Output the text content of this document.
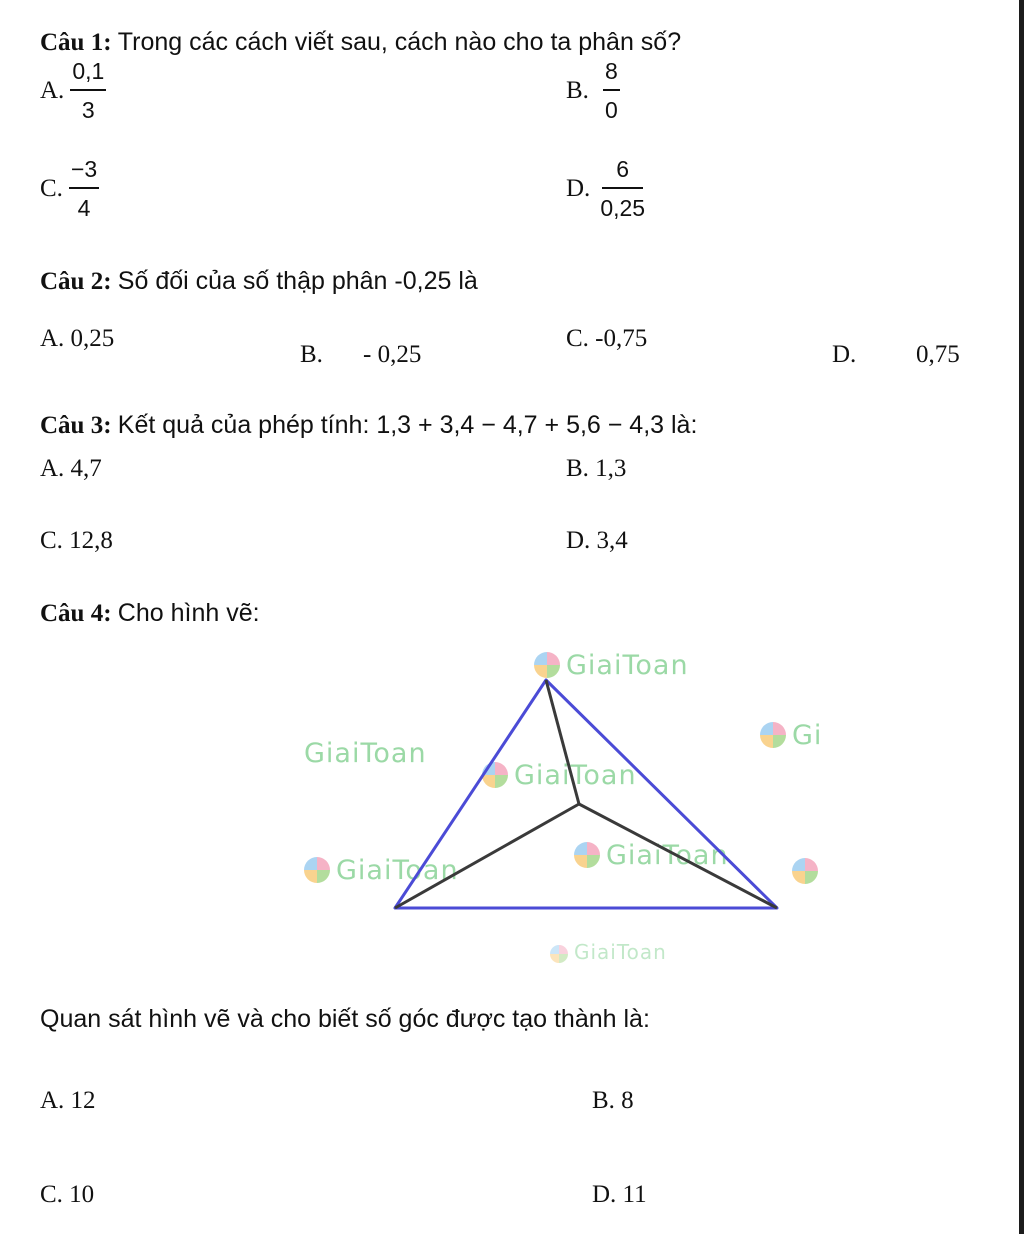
Câu 1: Trong các cách viết sau, cách nào cho ta phân số?
A. $\frac{0,1}{3}$	B. $\frac{8}{0}$
C. $\frac{-3}{4}$	D. $\frac{6}{0,25}$
Câu 2: Số đối của số thập phân -0,25 là
A. 0,25
B. - 0,25
C. -0,75
D. 0,75
Câu 3: Kết quả của phép tính: 1,3 + 3,4 − 4,7 + 5,6 − 4,3 là:
A. 4,7	B. 1,3
C. 12,8	D. 3,4
Câu 4: Cho hình vẽ:
GiaiToan
GiaiToan
Gi
GiaiToan
GiaiToan	GiaiToan
GiaiToan
Quan sát hình vẽ và cho biết số góc được tạo thành là:
A. 12	B. 8
C. 10	D. 11
